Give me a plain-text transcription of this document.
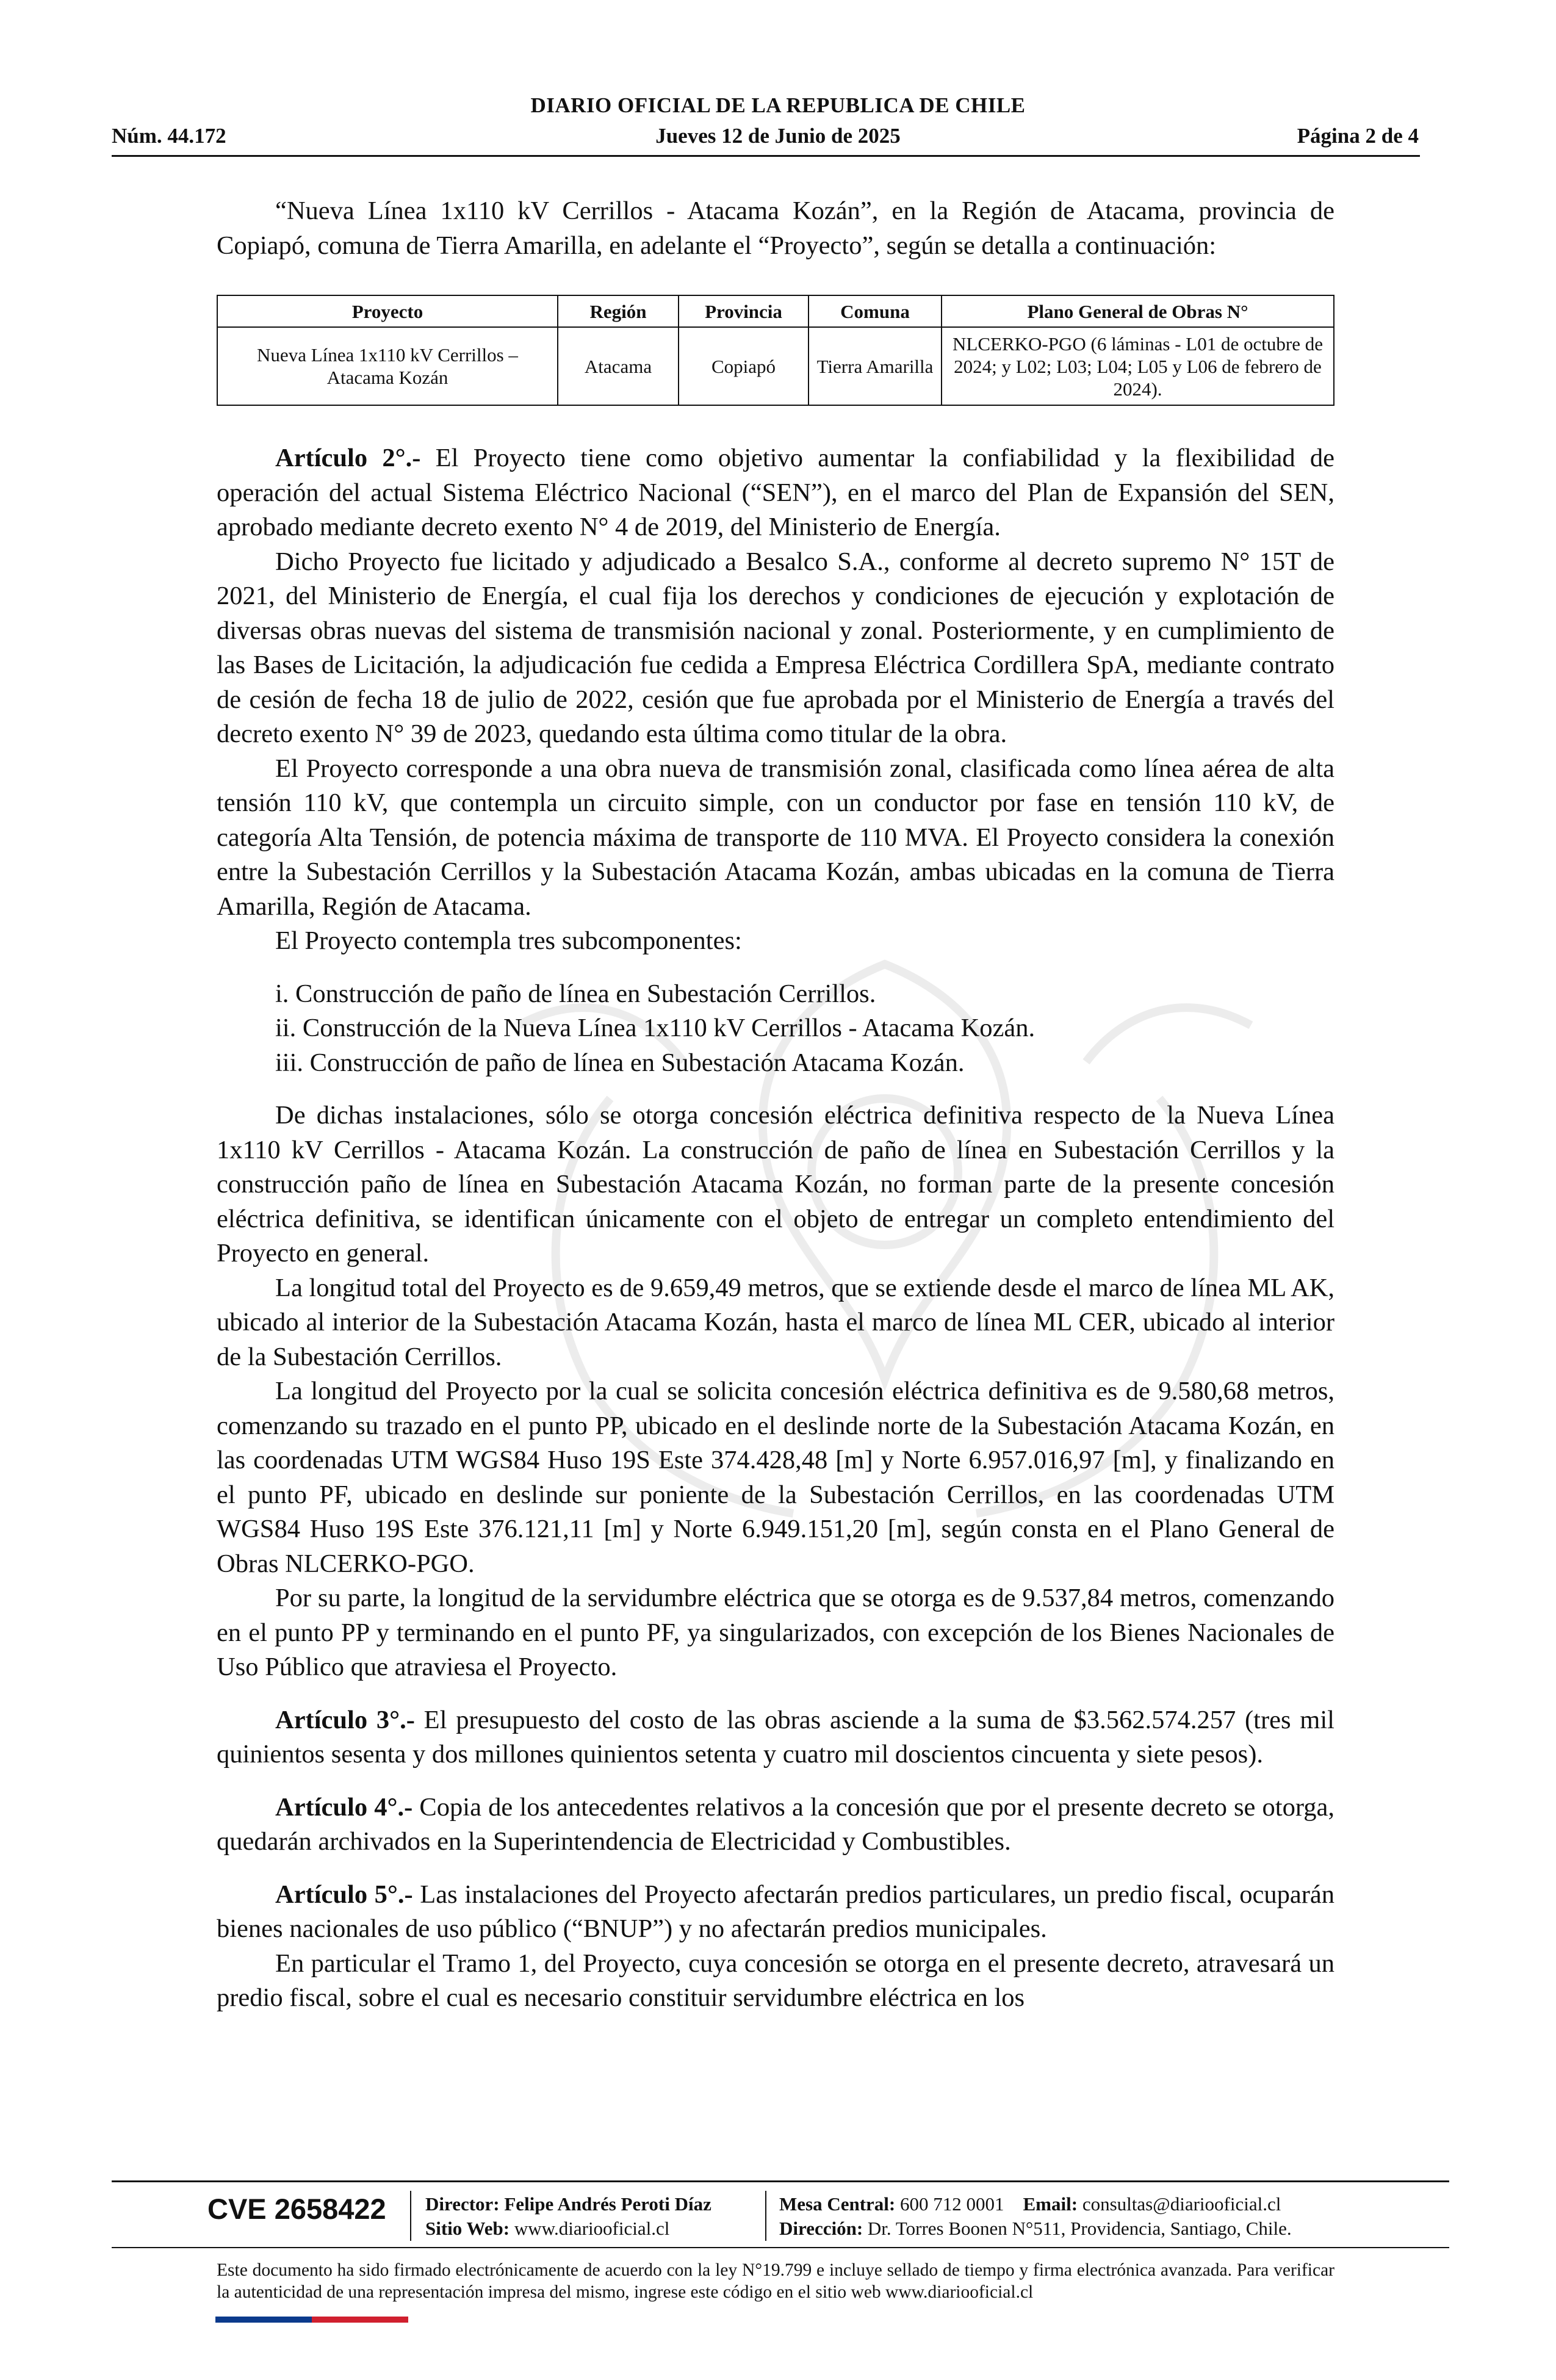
DIARIO OFICIAL DE LA REPUBLICA DE CHILE
Núm. 44.172	Jueves 12 de Junio de 2025	Página 2 de 4

“Nueva Línea 1x110 kV Cerrillos - Atacama Kozán”, en la Región de Atacama, provincia de Copiapó, comuna de Tierra Amarilla, en adelante el “Proyecto”, según se detalla a continuación:

Proyecto	Región	Provincia	Comuna	Plano General de Obras N°
Nueva Línea 1x110 kV Cerrillos – Atacama Kozán	Atacama	Copiapó	Tierra Amarilla	NLCERKO-PGO (6 láminas - L01 de octubre de 2024; y L02; L03; L04; L05 y L06 de febrero de 2024).

Artículo 2°.- El Proyecto tiene como objetivo aumentar la confiabilidad y la flexibilidad de operación del actual Sistema Eléctrico Nacional (“SEN”), en el marco del Plan de Expansión del SEN, aprobado mediante decreto exento N° 4 de 2019, del Ministerio de Energía.

Dicho Proyecto fue licitado y adjudicado a Besalco S.A., conforme al decreto supremo N° 15T de 2021, del Ministerio de Energía, el cual fija los derechos y condiciones de ejecución y explotación de diversas obras nuevas del sistema de transmisión nacional y zonal. Posteriormente, y en cumplimiento de las Bases de Licitación, la adjudicación fue cedida a Empresa Eléctrica Cordillera SpA, mediante contrato de cesión de fecha 18 de julio de 2022, cesión que fue aprobada por el Ministerio de Energía a través del decreto exento N° 39 de 2023, quedando esta última como titular de la obra.

El Proyecto corresponde a una obra nueva de transmisión zonal, clasificada como línea aérea de alta tensión 110 kV, que contempla un circuito simple, con un conductor por fase en tensión 110 kV, de categoría Alta Tensión, de potencia máxima de transporte de 110 MVA. El Proyecto considera la conexión entre la Subestación Cerrillos y la Subestación Atacama Kozán, ambas ubicadas en la comuna de Tierra Amarilla, Región de Atacama.

El Proyecto contempla tres subcomponentes:

i. Construcción de paño de línea en Subestación Cerrillos.

ii. Construcción de la Nueva Línea 1x110 kV Cerrillos - Atacama Kozán.

iii. Construcción de paño de línea en Subestación Atacama Kozán.

De dichas instalaciones, sólo se otorga concesión eléctrica definitiva respecto de la Nueva Línea 1x110 kV Cerrillos - Atacama Kozán. La construcción de paño de línea en Subestación Cerrillos y la construcción paño de línea en Subestación Atacama Kozán, no forman parte de la presente concesión eléctrica definitiva, se identifican únicamente con el objeto de entregar un completo entendimiento del Proyecto en general.

La longitud total del Proyecto es de 9.659,49 metros, que se extiende desde el marco de línea ML AK, ubicado al interior de la Subestación Atacama Kozán, hasta el marco de línea ML CER, ubicado al interior de la Subestación Cerrillos.

La longitud del Proyecto por la cual se solicita concesión eléctrica definitiva es de 9.580,68 metros, comenzando su trazado en el punto PP, ubicado en el deslinde norte de la Subestación Atacama Kozán, en las coordenadas UTM WGS84 Huso 19S Este 374.428,48 [m] y Norte 6.957.016,97 [m], y finalizando en el punto PF, ubicado en deslinde sur poniente de la Subestación Cerrillos, en las coordenadas UTM WGS84 Huso 19S Este 376.121,11 [m] y Norte 6.949.151,20 [m], según consta en el Plano General de Obras NLCERKO-PGO.

Por su parte, la longitud de la servidumbre eléctrica que se otorga es de 9.537,84 metros, comenzando en el punto PP y terminando en el punto PF, ya singularizados, con excepción de los Bienes Nacionales de Uso Público que atraviesa el Proyecto.

Artículo 3°.- El presupuesto del costo de las obras asciende a la suma de $3.562.574.257 (tres mil quinientos sesenta y dos millones quinientos setenta y cuatro mil doscientos cincuenta y siete pesos).

Artículo 4°.- Copia de los antecedentes relativos a la concesión que por el presente decreto se otorga, quedarán archivados en la Superintendencia de Electricidad y Combustibles.

Artículo 5°.- Las instalaciones del Proyecto afectarán predios particulares, un predio fiscal, ocuparán bienes nacionales de uso público (“BNUP”) y no afectarán predios municipales.

En particular el Tramo 1, del Proyecto, cuya concesión se otorga en el presente decreto, atravesará un predio fiscal, sobre el cual es necesario constituir servidumbre eléctrica en los

CVE 2658422 Director: Felipe Andrés Peroti Díaz
Sitio Web: www.diariooficial.cl
Mesa Central: 600 712 0001 Email: consultas@diariooficial.cl
Dirección: Dr. Torres Boonen N°511, Providencia, Santiago, Chile.
Este documento ha sido firmado electrónicamente de acuerdo con la ley N°19.799 e incluye sellado de tiempo y firma electrónica avanzada. Para verificar la autenticidad de una representación impresa del mismo, ingrese este código en el sitio web www.diariooficial.cl
